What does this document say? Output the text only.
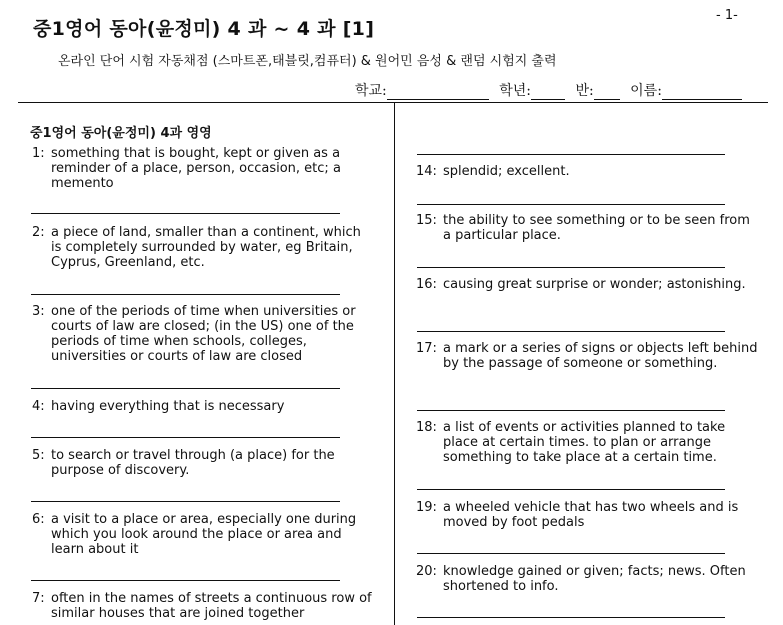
중1영어 동아(윤정미) 4 과 ~ 4 과 [1]
- 1-
온라인 단어 시험 자동채점 (스마트폰,태블릿,컴퓨터) & 원어민 음성 & 랜덤 시험지 출력
학교:	학년:	반:	이름:
중1영어 동아(윤정미) 4과 영영
1: something that is bought, kept or given as a reminder of a place, person, occasion, etc; a memento
2: a piece of land, smaller than a continent, which is completely surrounded by water, eg Britain, Cyprus, Greenland, etc.
3: one of the periods of time when universities or courts of law are closed; (in the US) one of the periods of time when schools, colleges, universities or courts of law are closed
4: having everything that is necessary
5: to search or travel through (a place) for the purpose of discovery.
6: a visit to a place or area, especially one during which you look around the place or area and learn about it
7: often in the names of streets a continuous row of similar houses that are joined together
14: splendid; excellent.
15: the ability to see something or to be seen from a particular place.
16: causing great surprise or wonder; astonishing.
17: a mark or a series of signs or objects left behind by the passage of someone or something.
18: a list of events or activities planned to take place at certain times. to plan or arrange something to take place at a certain time.
19: a wheeled vehicle that has two wheels and is moved by foot pedals
20: knowledge gained or given; facts; news. Often shortened to info.
